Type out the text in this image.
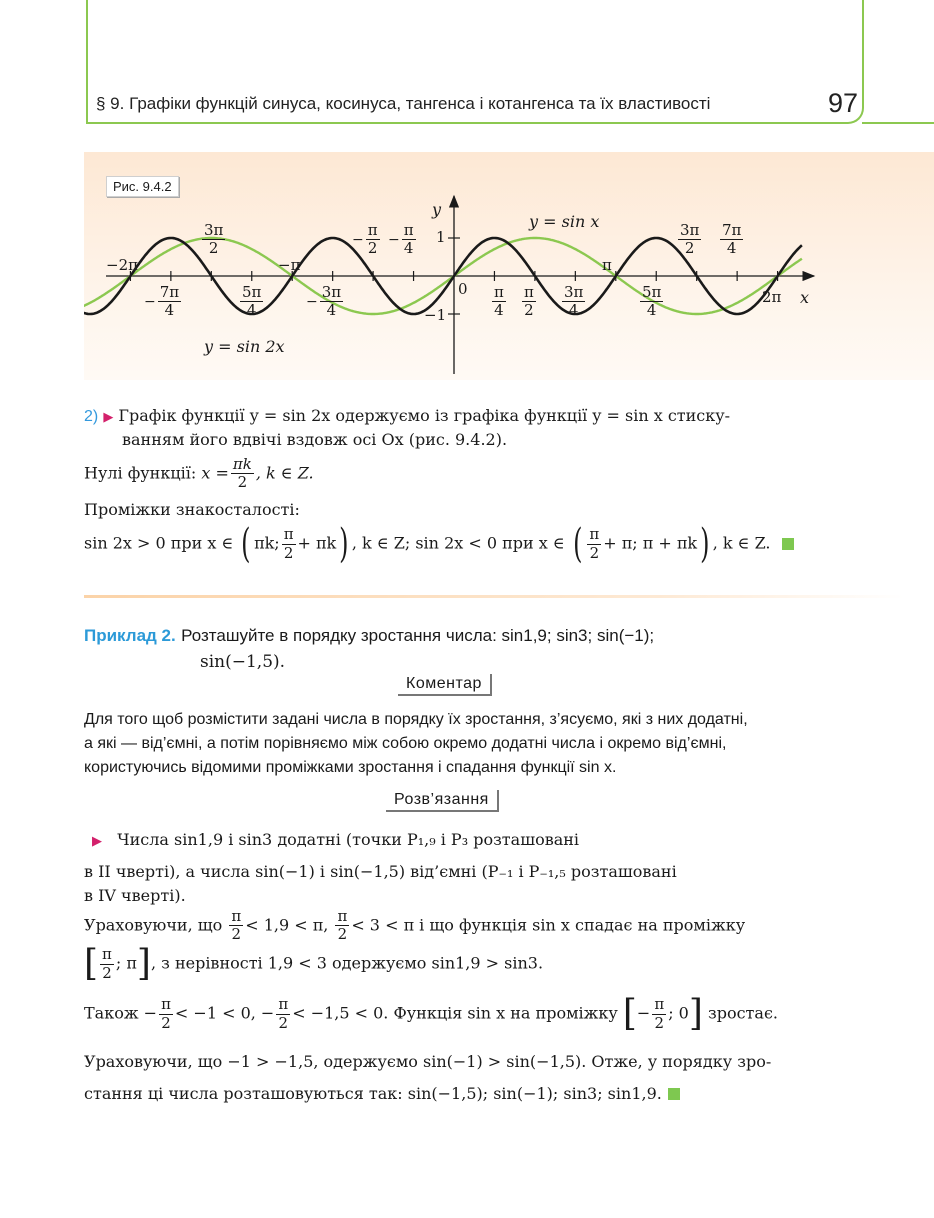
§ 9. Графіки функцій синуса, косинуса, тангенса і котангенса та їх властивості	97
Рис. 9.4.2
y
x
0
1
−1
y = sin x
y = sin 2x
−2π
$\frac{3\pi}{2}$
−π
− $\frac{\pi}{2} - \frac{\pi}{4}$
π
$\frac{3\pi}{2} \frac{7\pi}{4}$
− $\frac{7\pi}{4}$	$\frac{5\pi}{4}$	− $\frac{3\pi}{4}$	$\frac{\pi}{4} \frac{\pi}{2} \frac{3\pi}{4}$	$\frac{5\pi}{4}$	2π
2) ▶ Графік функції y = sin 2x одержуємо із графіка функції y = sin x стиску-
ванням його вдвічі вздовж осі Ox (рис. 9.4.2).
Нулі функції: $x = \frac{\pi k}{2}$ , k ∈ Z.
Проміжки знакосталості:
sin 2x > 0 при x ∈ ( πk; $\frac{\pi}{2} + \pi k$) , k ∈ Z; sin 2x < 0 при x ∈ ( $\frac{\pi}{2} + \pi$; π + πk) , k ∈ Z.
Приклад 2. Розташуйте в порядку зростання числа: sin1,9; sin3; sin(−1);
sin(−1,5).
Коментар
Для того щоб розмістити задані числа в порядку їх зростання, з’ясуємо, які з них додатні,
а які — від’ємні, а потім порівняємо між собою окремо додатні числа і окремо від’ємні,
користуючись відомими проміжками зростання і спадання функції sin x.
Розв’язання
▶ Числа sin1,9 і sin3 додатні (точки P₁,₉ і P₃ розташовані
в II чверті), а числа sin(−1) і sin(−1,5) від’ємні (P₋₁ і P₋₁,₅ розташовані
в IV чверті).
Ураховуючи, що $\frac{\pi}{2} < 1,9 < \pi$, $\frac{\pi}{2} < 3 < \pi$ і що функція sin x спадає на проміжку
[ $\frac{\pi}{2}$ ; π], з нерівності 1,9 < 3 одержуємо sin1,9 > sin3.
Також − $\frac{\pi}{2} < -1 < 0$, − $\frac{\pi}{2} < -1,5 < 0$. Функція sin x на проміжку [− $\frac{\pi}{2}$ ; 0] зростає.
Ураховуючи, що −1 > −1,5, одержуємо sin(−1) > sin(−1,5). Отже, у порядку зро-
стання ці числа розташовуються так: sin(−1,5); sin(−1); sin3; sin1,9.
